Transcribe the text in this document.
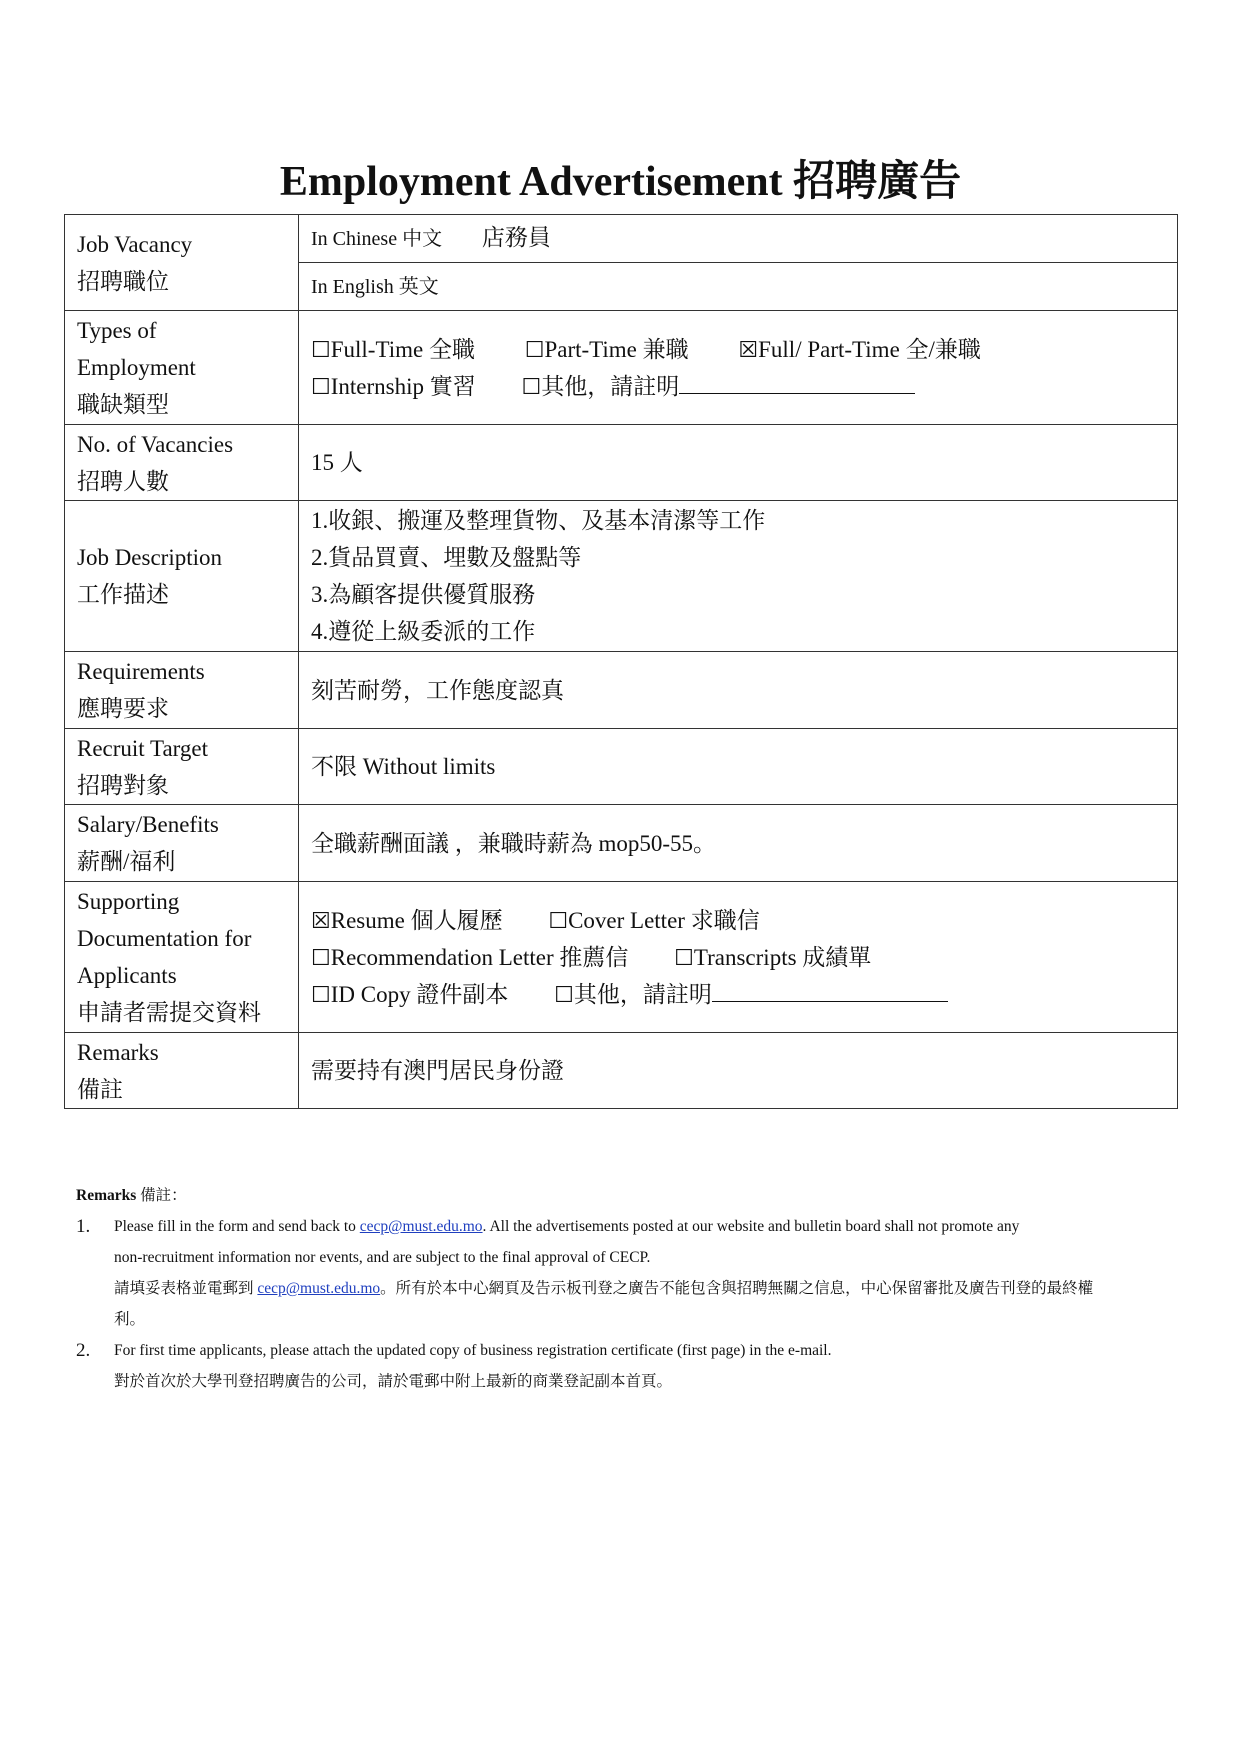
Employment Advertisement 招聘廣告
Job Vacancy
招聘職位	In Chinese 中文 店務員
	In English 英文

Types of
Employment
職缺類型	☐Full-Time 全職 ☐Part-Time 兼職 ☒Full/ Part-Time 全/兼職
☐Internship 實習 ☐其他，請註明

No. of Vacancies
招聘人數	15 人

Job Description
工作描述	1.收銀、搬運及整理貨物、及基本清潔等工作
2.貨品買賣、埋數及盤點等
3.為顧客提供優質服務
4.遵從上級委派的工作

Requirements
應聘要求	刻苦耐勞，工作態度認真

Recruit Target
招聘對象	不限 Without limits

Salary/Benefits
薪酬/福利	全職薪酬面議 ，兼職時薪為 mop50-55。

Supporting
Documentation for
Applicants
申請者需提交資料	☒Resume 個人履歷 ☐Cover Letter 求職信
☐Recommendation Letter 推薦信 ☐Transcripts 成績單
☐ID Copy 證件副本 ☐其他，請註明

Remarks
備註	需要持有澳門居民身份證
Remarks 備註：
1. Please fill in the form and send back to cecp@must.edu.mo. All the advertisements posted at our website and bulletin board shall not promote any
non-recruitment information nor events, and are subject to the final approval of CECP.
請填妥表格並電郵到 cecp@must.edu.mo。所有於本中心網頁及告示板刊登之廣告不能包含與招聘無關之信息，中心保留審批及廣告刊登的最終權
利。
2. For first time applicants, please attach the updated copy of business registration certificate (first page) in the e-mail.
對於首次於大學刊登招聘廣告的公司，請於電郵中附上最新的商業登記副本首頁。
